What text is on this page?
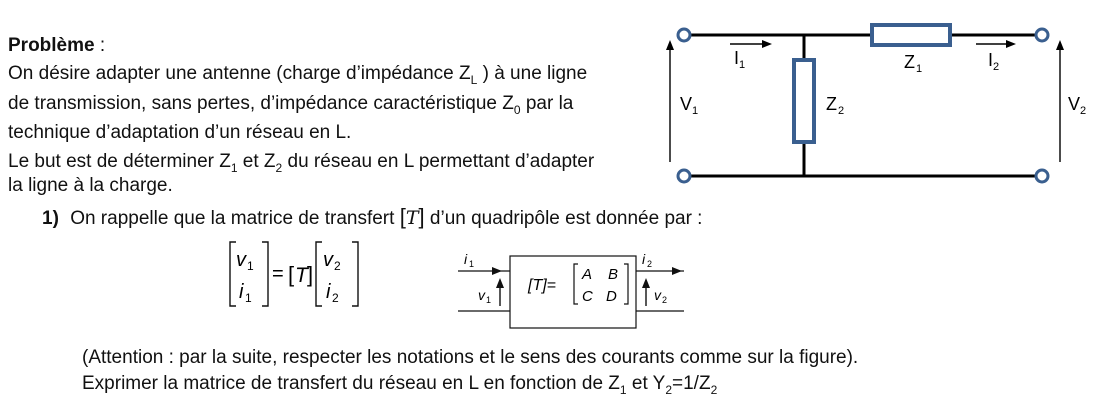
Problème :
On désire adapter une antenne (charge d’impédance $Z_L$ ) à une ligne
de transmission, sans pertes, d’impédance caractéristique $Z_0$ par la
technique d’adaptation d’un réseau en L.
Le but est de déterminer $Z_1$ et $Z_2$ du réseau en L permettant d’adapter
la ligne à la charge.
1) On rappelle que la matrice de transfert [T] d’un quadripôle est donnée par :
v 1
i 1
= [ T ]
v 2
i 2
i 1
v 1
i 2
v 2
[T]=
A B
C D
I 1	Z 1	I 2
V 1	Z 2	V 2
(Attention : par la suite, respecter les notations et le sens des courants comme sur la figure).
Exprimer la matrice de transfert du réseau en L en fonction de $Z_1$ et $Y_2=1/Z_2$
